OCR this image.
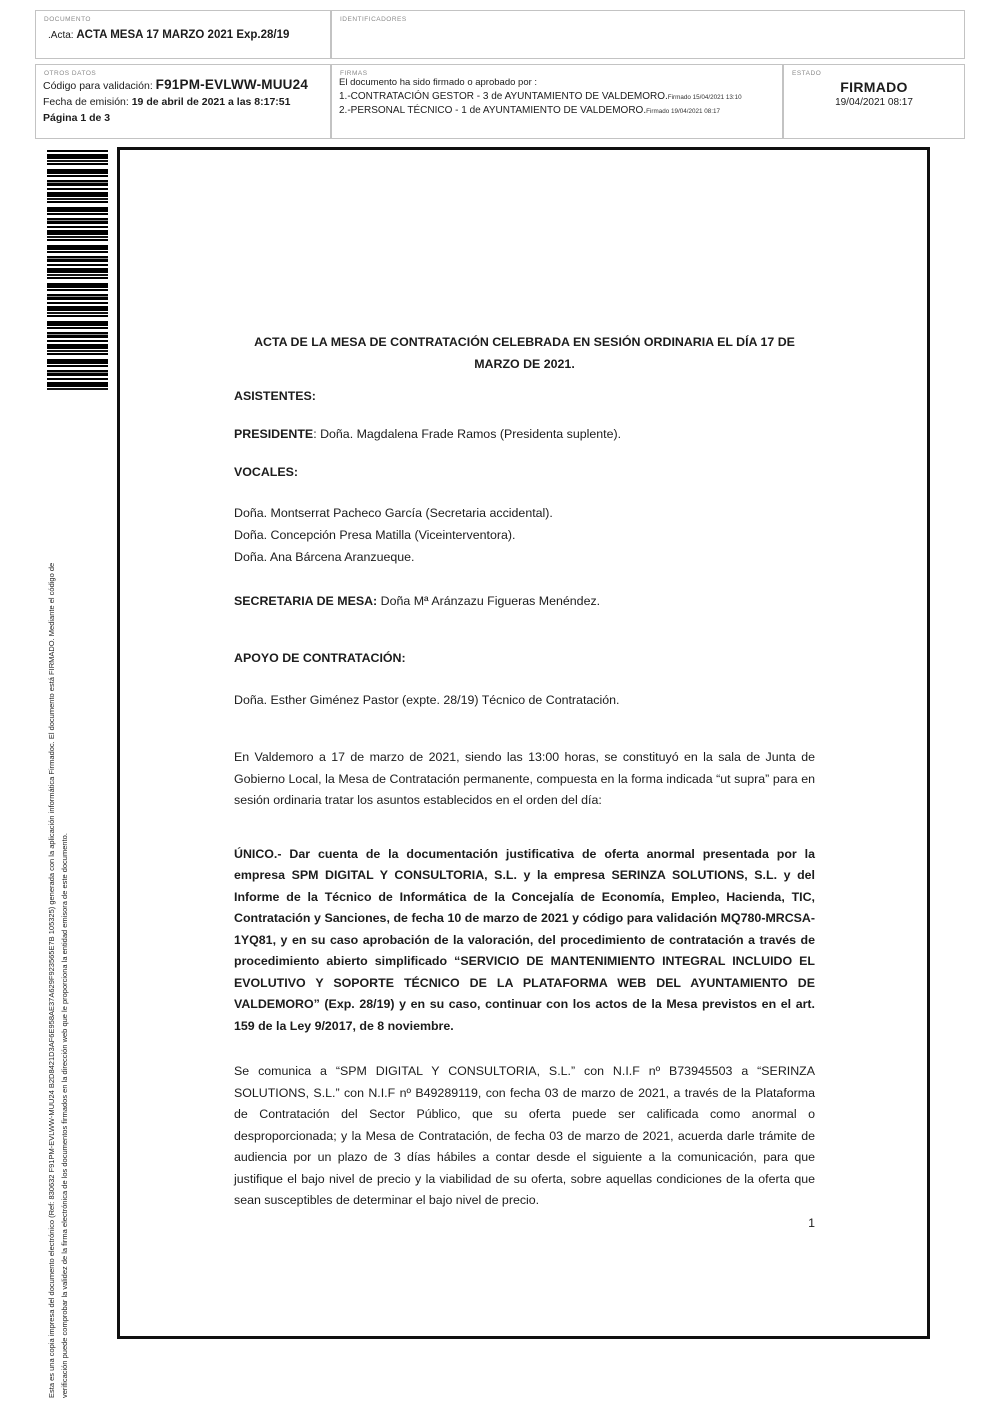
DOCUMENTO
.Acta: ACTA MESA 17 MARZO 2021 Exp.28/19
IDENTIFICADORES
OTROS DATOS
Código para validación: F91PM-EVLWW-MUU24
Fecha de emisión: 19 de abril de 2021 a las 8:17:51
Página 1 de 3
FIRMAS
El documento ha sido firmado o aprobado por :
1.-CONTRATACIÓN GESTOR - 3 de AYUNTAMIENTO DE VALDEMORO.Firmado 15/04/2021 13:10
2.-PERSONAL TÉCNICO - 1 de AYUNTAMIENTO DE VALDEMORO.Firmado 19/04/2021 08:17
ESTADO
FIRMADO
19/04/2021 08:17
Esta es una copia impresa del documento electrónico (Ref: 830632 F91PM-EVLWW-MUU24 B2D8421D3AF6E958AE37A629F923565E7B 105325) generada con la aplicación informática Firmadoc. El documento está FIRMADO. Mediante el código de verificación puede comprobar la validez de la firma electrónica de los documentos firmados en la dirección web que le proporciona la entidad emisora de este documento.
ACTA DE LA MESA DE CONTRATACIÓN CELEBRADA EN SESIÓN ORDINARIA EL DÍA 17 DE MARZO DE 2021.
ASISTENTES:
PRESIDENTE: Doña. Magdalena Frade Ramos (Presidenta suplente).
VOCALES:
Doña. Montserrat Pacheco García (Secretaria accidental).
Doña. Concepción Presa Matilla (Viceinterventora).
Doña. Ana Bárcena Aranzueque.
SECRETARIA DE MESA: Doña Mª Aránzazu Figueras Menéndez.
APOYO DE CONTRATACIÓN:
Doña. Esther Giménez Pastor (expte. 28/19) Técnico de Contratación.
En Valdemoro a 17 de marzo de 2021, siendo las 13:00 horas, se constituyó en la sala de Junta de Gobierno Local, la Mesa de Contratación permanente, compuesta en la forma indicada “ut supra” para en sesión ordinaria tratar los asuntos establecidos en el orden del día:
ÚNICO.- Dar cuenta de la documentación justificativa de oferta anormal presentada por la empresa SPM DIGITAL Y CONSULTORIA, S.L. y la empresa SERINZA SOLUTIONS, S.L. y del Informe de la Técnico de Informática de la Concejalía de Economía, Empleo, Hacienda, TIC, Contratación y Sanciones, de fecha 10 de marzo de 2021 y código para validación MQ780-MRCSA-1YQ81, y en su caso aprobación de la valoración, del procedimiento de contratación a través de procedimiento abierto simplificado “SERVICIO DE MANTENIMIENTO INTEGRAL INCLUIDO EL EVOLUTIVO Y SOPORTE TÉCNICO DE LA PLATAFORMA WEB DEL AYUNTAMIENTO DE VALDEMORO” (Exp. 28/19) y en su caso, continuar con los actos de la Mesa previstos en el art. 159 de la Ley 9/2017, de 8 noviembre.
Se comunica a “SPM DIGITAL Y CONSULTORIA, S.L.” con N.I.F nº B73945503 a “SERINZA SOLUTIONS, S.L.” con N.I.F nº B49289119, con fecha 03 de marzo de 2021, a través de la Plataforma de Contratación del Sector Público, que su oferta puede ser calificada como anormal o desproporcionada; y la Mesa de Contratación, de fecha 03 de marzo de 2021, acuerda darle trámite de audiencia por un plazo de 3 días hábiles a contar desde el siguiente a la comunicación, para que justifique el bajo nivel de precio y la viabilidad de su oferta, sobre aquellas condiciones de la oferta que sean susceptibles de determinar el bajo nivel de precio.
1
